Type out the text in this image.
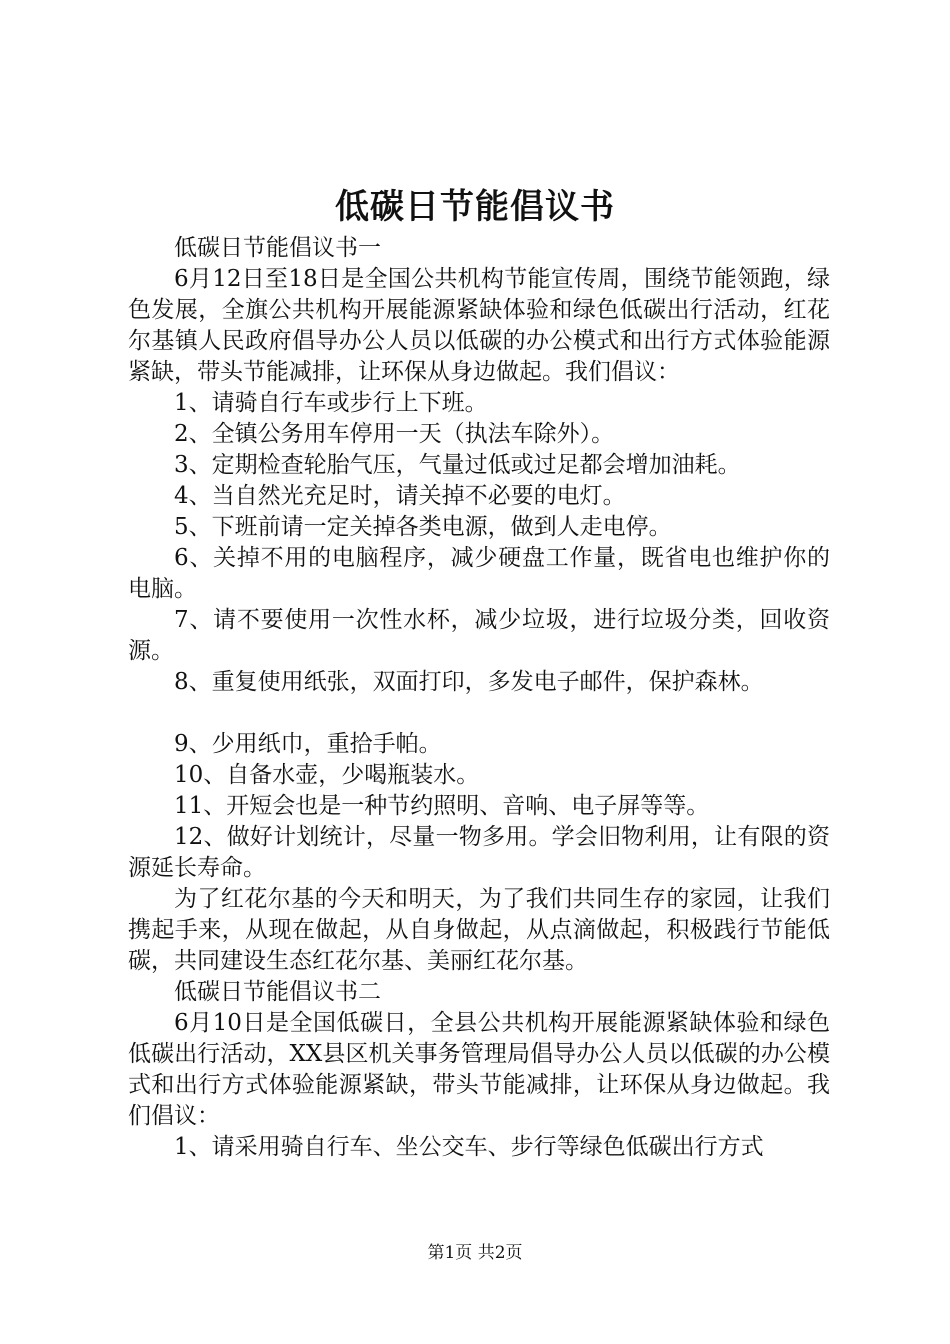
低碳日节能倡议书

低碳日节能倡议书一

6月12日至18日是全国公共机构节能宣传周，围绕节能领跑，绿色发展，全旗公共机构开展能源紧缺体验和绿色低碳出行活动，红花尔基镇人民政府倡导办公人员以低碳的办公模式和出行方式体验能源紧缺，带头节能减排，让环保从身边做起。我们倡议：

1、请骑自行车或步行上下班。

2、全镇公务用车停用一天（执法车除外）。

3、定期检查轮胎气压，气量过低或过足都会增加油耗。

4、当自然光充足时，请关掉不必要的电灯。

5、下班前请一定关掉各类电源，做到人走电停。

6、关掉不用的电脑程序，减少硬盘工作量，既省电也维护你的电脑。

7、请不要使用一次性水杯，减少垃圾，进行垃圾分类，回收资源。

8、重复使用纸张，双面打印，多发电子邮件，保护森林。

9、少用纸巾，重拾手帕。

10、自备水壶，少喝瓶装水。

11、开短会也是一种节约照明、音响、电子屏等等。

12、做好计划统计，尽量一物多用。学会旧物利用，让有限的资源延长寿命。

为了红花尔基的今天和明天，为了我们共同生存的家园，让我们携起手来，从现在做起，从自身做起，从点滴做起，积极践行节能低碳，共同建设生态红花尔基、美丽红花尔基。

低碳日节能倡议书二

6月10日是全国低碳日，全县公共机构开展能源紧缺体验和绿色低碳出行活动，XX县区机关事务管理局倡导办公人员以低碳的办公模式和出行方式体验能源紧缺，带头节能减排，让环保从身边做起。我们倡议：

1、请采用骑自行车、坐公交车、步行等绿色低碳出行方式

第1页 共2页
